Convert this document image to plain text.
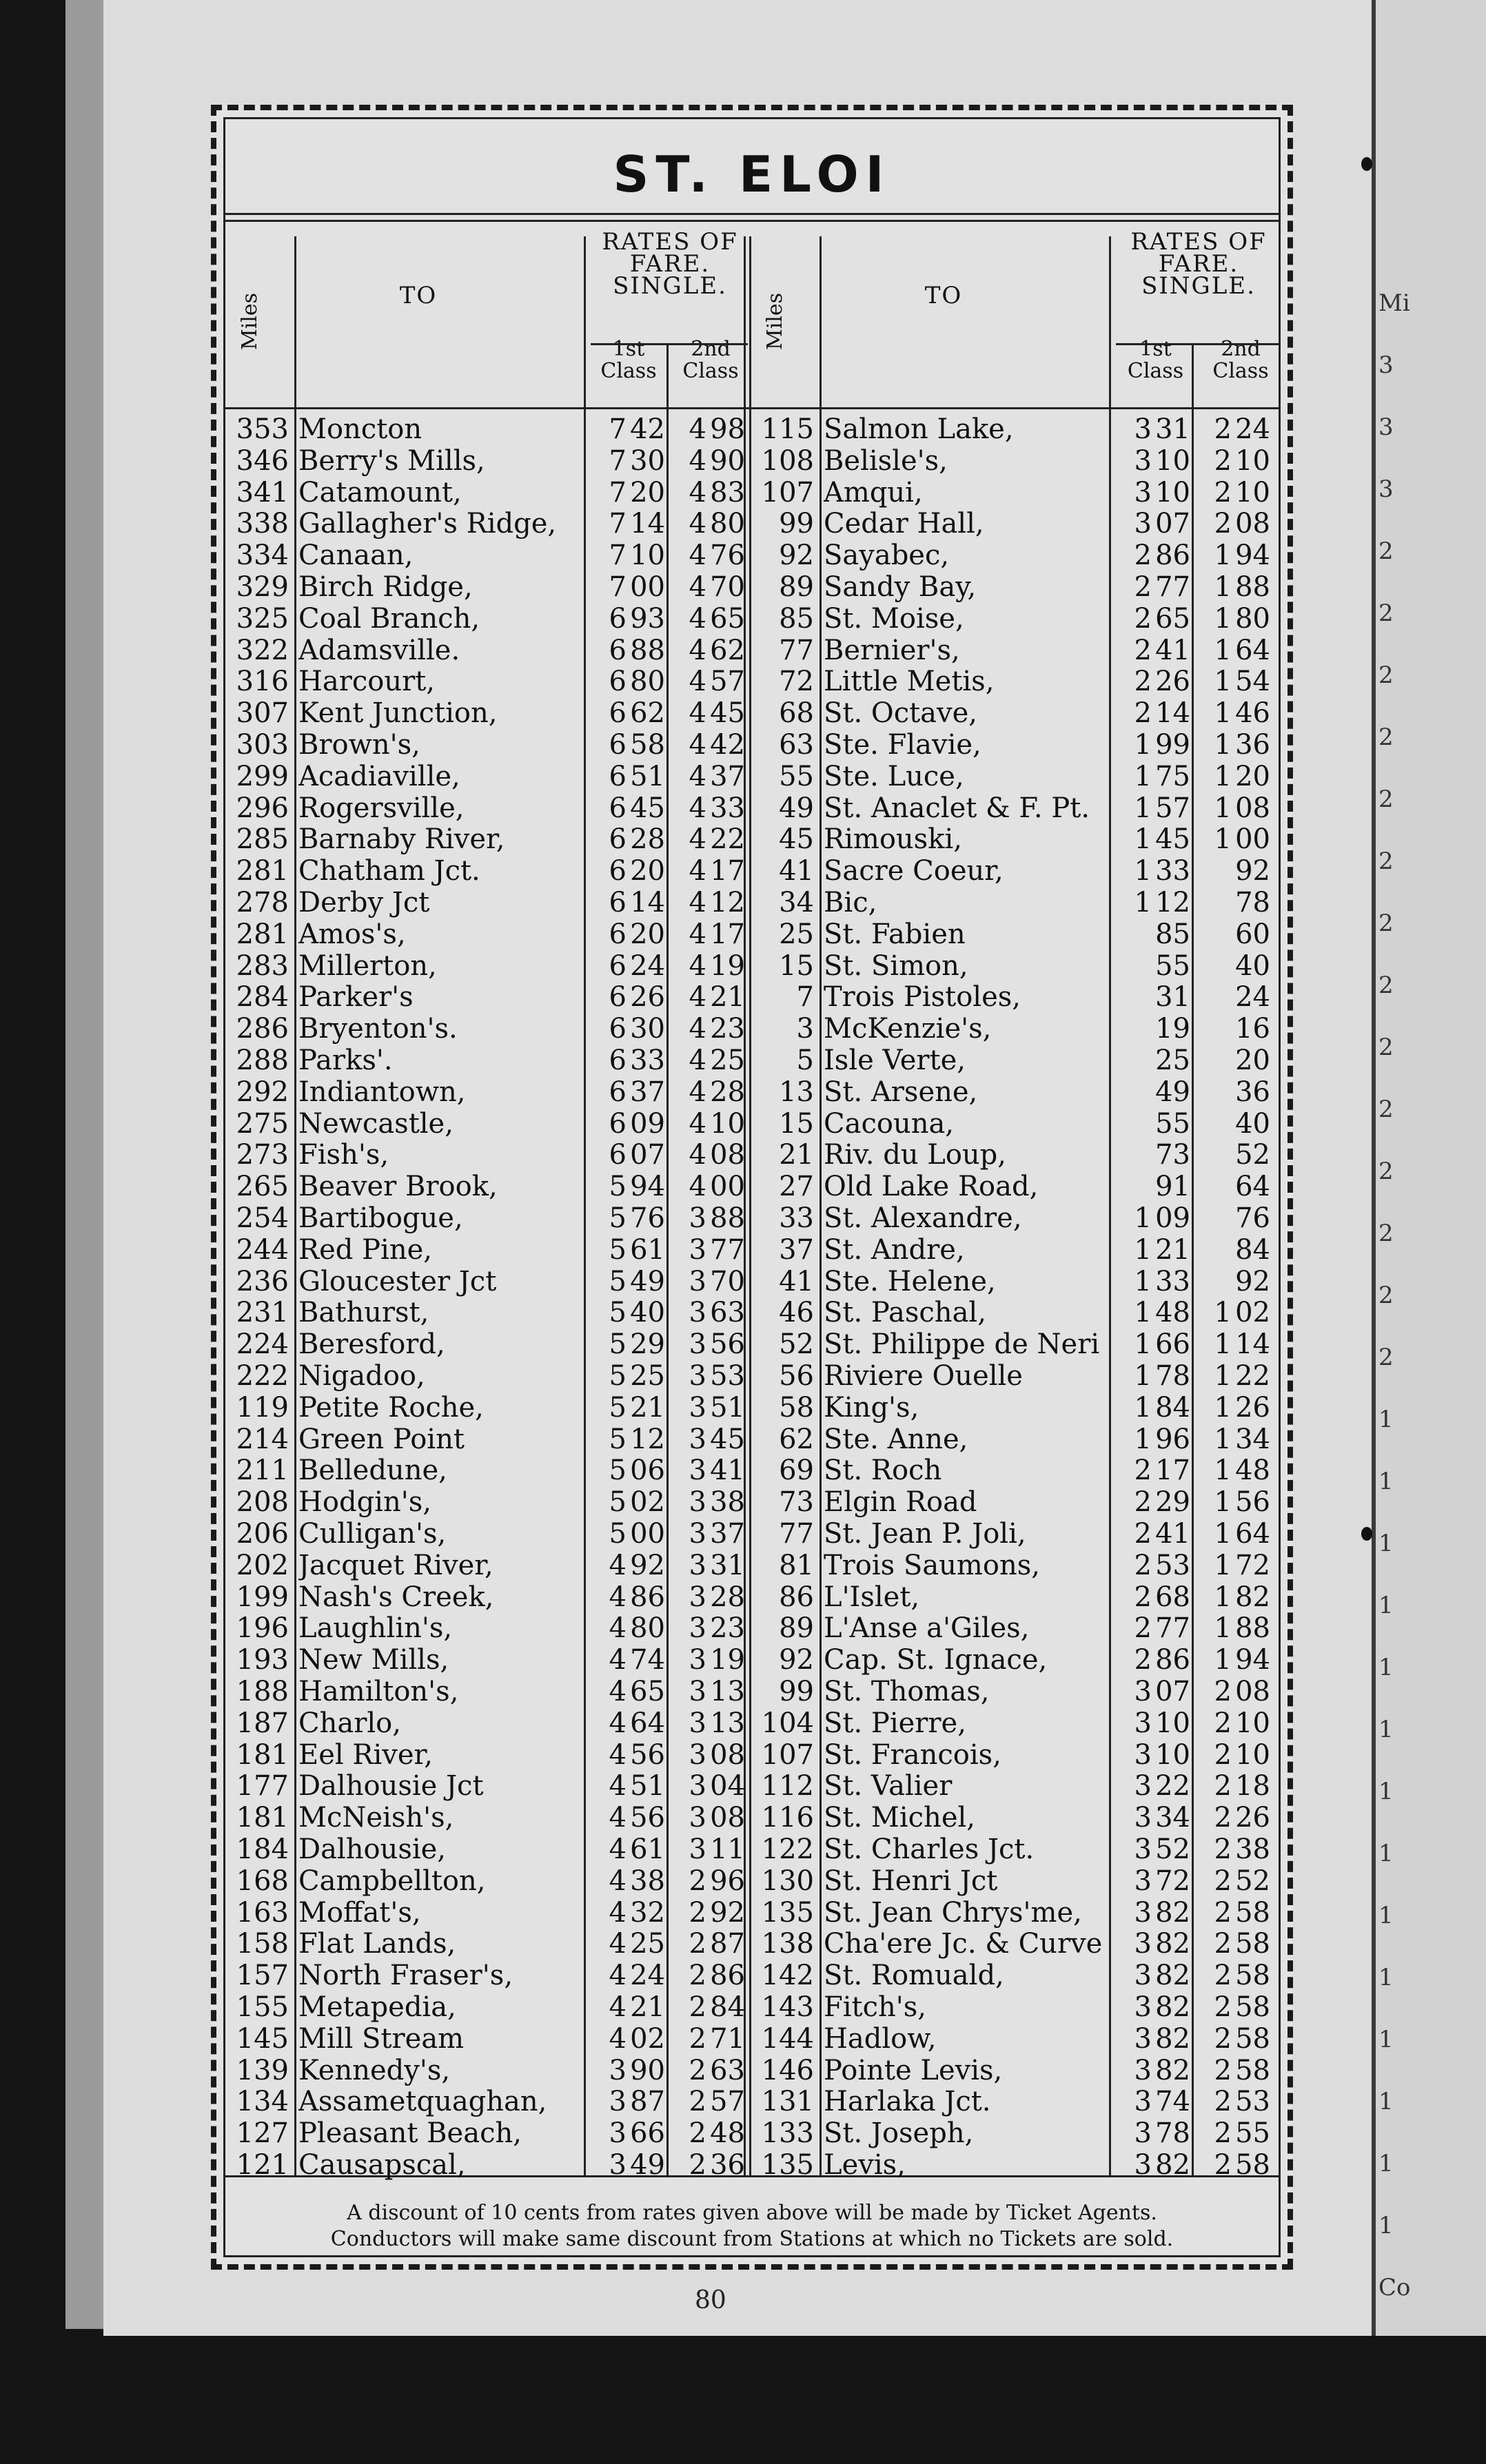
Mi
3
3
3
2
2
2
2
2
2
2
2
2
2
2
2
2
2
1
1
1
1
1
1
1
1
1
1
1
1
1
1
Co
ST. ELOI
Miles	TO
RATES OF
FARE.
SINGLE.
1st Class
2nd Class
Miles	TO
RATES OF
FARE.
SINGLE.
1st Class
2nd Class
353 Moncton	7 42 4 98
346 Berry's Mills,	7 30 4 90
341 Catamount,	7 20 4 83
338 Gallagher's Ridge,	7 14 4 80
334 Canaan,	7 10 4 76
329 Birch Ridge,	7 00 4 70
325 Coal Branch,	6 93 4 65
322 Adamsville.	6 88 4 62
316 Harcourt,	6 80 4 57
307 Kent Junction,	6 62 4 45
303 Brown's,	6 58 4 42
299 Acadiaville,	6 51 4 37
296 Rogersville,	6 45 4 33
285 Barnaby River,	6 28 4 22
281 Chatham Jct.	6 20 4 17
278 Derby Jct	6 14 4 12
281 Amos's,	6 20 4 17
283 Millerton,	6 24 4 19
284 Parker's	6 26 4 21
286 Bryenton's.	6 30 4 23
288 Parks'.	6 33 4 25
292 Indiantown,	6 37 4 28
275 Newcastle,	6 09 4 10
273 Fish's,	6 07 4 08
265 Beaver Brook,	5 94 4 00
254 Bartibogue,	5 76 3 88
244 Red Pine,	5 61 3 77
236 Gloucester Jct	5 49 3 70
231 Bathurst,	5 40 3 63
224 Beresford,	5 29 3 56
222 Nigadoo,	5 25 3 53
119 Petite Roche,	5 21 3 51
214 Green Point	5 12 3 45
211 Belledune,	5 06 3 41
208 Hodgin's,	5 02 3 38
206 Culligan's,	5 00 3 37
202 Jacquet River,	4 92 3 31
199 Nash's Creek,	4 86 3 28
196 Laughlin's,	4 80 3 23
193 New Mills,	4 74 3 19
188 Hamilton's,	4 65 3 13
187 Charlo,	4 64 3 13
181 Eel River,	4 56 3 08
177 Dalhousie Jct	4 51 3 04
181 McNeish's,	4 56 3 08
184 Dalhousie,	4 61 3 11
168 Campbellton,	4 38 2 96
163 Moffat's,	4 32 2 92
158 Flat Lands,	4 25 2 87
157 North Fraser's,	4 24 2 86
155 Metapedia,	4 21 2 84
145 Mill Stream	4 02 2 71
139 Kennedy's,	3 90 2 63
134 Assametquaghan,	3 87 2 57
127 Pleasant Beach,	3 66 2 48
121 Causapscal,	3 49 2 36
115 Salmon Lake,	3 31 2 24
108 Belisle's,	3 10 2 10
107 Amqui,	3 10 2 10
99 Cedar Hall,	3 07 2 08
92 Sayabec,	2 86 1 94
89 Sandy Bay,	2 77 1 88
85 St. Moise,	2 65 1 80
77 Bernier's,	2 41 1 64
72 Little Metis,	2 26 1 54
68 St. Octave,	2 14 1 46
63 Ste. Flavie,	1 99 1 36
55 Ste. Luce,	1 75 1 20
49 St. Anaclet & F. Pt.	1 57 1 08
45 Rimouski,	1 45 1 00
41 Sacre Coeur,	1 33 92
34 Bic,	1 12 78
25 St. Fabien	85 60
15 St. Simon,	55 40
7 Trois Pistoles,	31 24
3 McKenzie's,	19 16
5 Isle Verte,	25 20
13 St. Arsene,	49 36
15 Cacouna,	55 40
21 Riv. du Loup,	73 52
27 Old Lake Road,	91 64
33 St. Alexandre,	1 09 76
37 St. Andre,	1 21 84
41 Ste. Helene,	1 33 92
46 St. Paschal,	1 48 1 02
52 St. Philippe de Neri	1 66 1 14
56 Riviere Ouelle	1 78 1 22
58 King's,	1 84 1 26
62 Ste. Anne,	1 96 1 34
69 St. Roch	2 17 1 48
73 Elgin Road	2 29 1 56
77 St. Jean P. Joli,	2 41 1 64
81 Trois Saumons,	2 53 1 72
86 L'Islet,	2 68 1 82
89 L'Anse a'Giles,	2 77 1 88
92 Cap. St. Ignace,	2 86 1 94
99 St. Thomas,	3 07 2 08
104 St. Pierre,	3 10 2 10
107 St. Francois,	3 10 2 10
112 St. Valier	3 22 2 18
116 St. Michel,	3 34 2 26
122 St. Charles Jct.	3 52 2 38
130 St. Henri Jct	3 72 2 52
135 St. Jean Chrys'me,	3 82 2 58
138 Cha'ere Jc. & Curve	3 82 2 58
142 St. Romuald,	3 82 2 58
143 Fitch's,	3 82 2 58
144 Hadlow,	3 82 2 58
146 Pointe Levis,	3 82 2 58
131 Harlaka Jct.	3 74 2 53
133 St. Joseph,	3 78 2 55
135 Levis,	3 82 2 58
A discount of 10 cents from rates given above will be made by Ticket Agents.
Conductors will make same discount from Stations at which no Tickets are sold.
80
